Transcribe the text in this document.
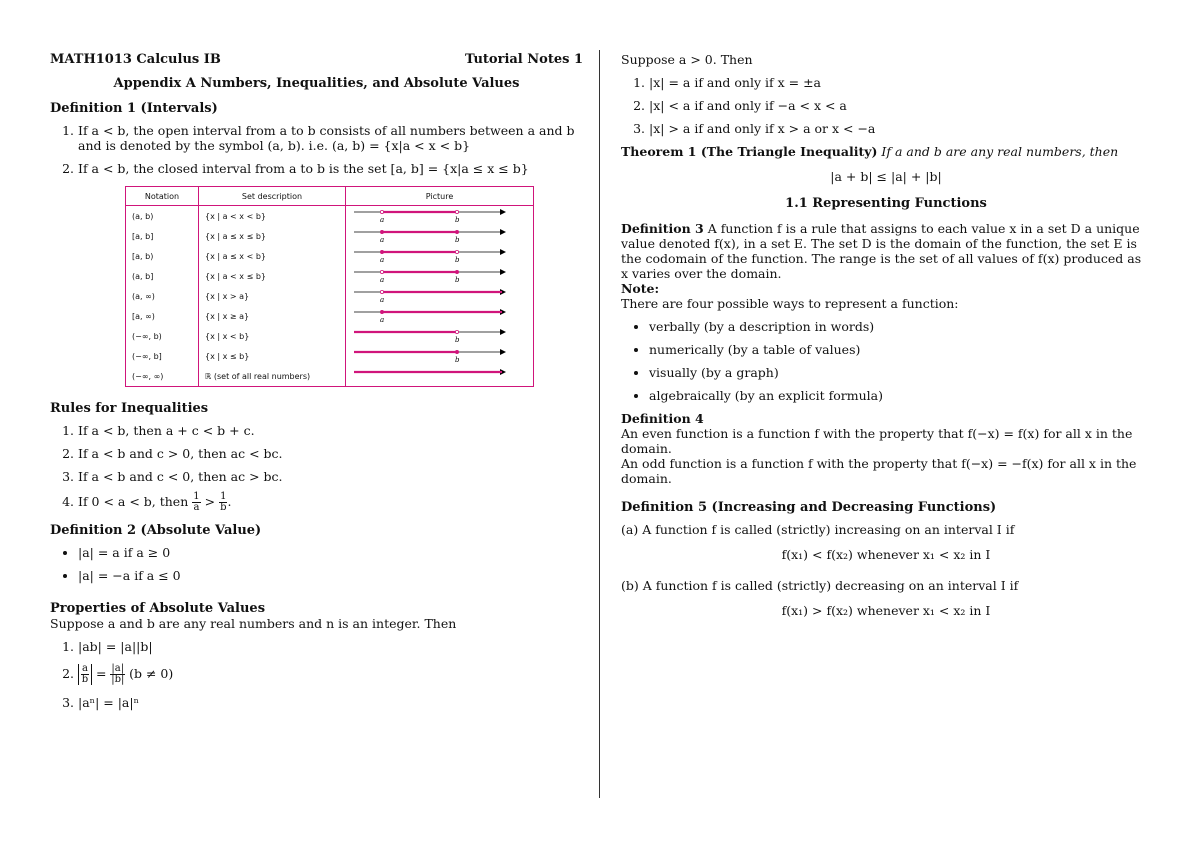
MATH1013 Calculus IB	Tutorial Notes 1
Appendix A Numbers, Inequalities, and Absolute Values
Definition 1 (Intervals)
1. If a < b, the open interval from a to b consists of all numbers between a and b and is denoted by the symbol (a, b). i.e. (a, b) = {x|a < x < b}
2. If a < b, the closed interval from a to b is the set [a, b] = {x|a ≤ x ≤ b}
Notation	Set description	Picture
(a, b)	{x | a < x < b}	a b

[a, b]	{x | a ≤ x ≤ b}	a b

[a, b)	{x | a ≤ x < b}	a b

(a, b]	{x | a < x ≤ b}	a b

(a, ∞)	{x | x > a}	a

[a, ∞)	{x | x ≥ a}	a

(−∞, b)	{x | x < b}	b

(−∞, b]	{x | x ≤ b}	b

(−∞, ∞)	ℝ (set of all real numbers)	
Rules for Inequalities
1. If a < b, then a + c < b + c.
2. If a < b and c > 0, then ac < bc.
3. If a < b and c < 0, then ac > bc.
4. If 0 < a < b, then $\frac{1}{a} > \frac{1}{b}$ .
Definition 2 (Absolute Value)
• |a| = a if a ≥ 0
• |a| = −a if a ≤ 0
Properties of Absolute Values

Suppose a and b are any real numbers and n is an integer. Then

1. |ab| = |a||b|
2. $\frac{a}{b} = \frac{|a|}{|b|} (b \ne 0)$
3. |aⁿ| = |a|ⁿ

Suppose a > 0. Then

1. |x| = a if and only if x = ±a
2. |x| < a if and only if −a < x < a
3. |x| > a if and only if x > a or x < −a

Theorem 1 (The Triangle Inequality) If a and b are any real numbers, then

|a + b| ≤ |a| + |b|
1.1 Representing Functions

Definition 3 A function f is a rule that assigns to each value x in a set D a unique value denoted f(x), in a set E. The set D is the domain of the function, the set E is the codomain of the function. The range is the set of all values of f(x) produced as x varies over the domain.

Note:

There are four possible ways to represent a function:

• verbally (by a description in words)
• numerically (by a table of values)
• visually (by a graph)
• algebraically (by an explicit formula)

Definition 4

An even function is a function f with the property that f(−x) = f(x) for all x in the domain.

An odd function is a function f with the property that f(−x) = −f(x) for all x in the domain.

Definition 5 (Increasing and Decreasing Functions)
(a) A function f is called (strictly) increasing on an interval I if
f(x₁) < f(x₂) whenever x₁ < x₂ in I
(b) A function f is called (strictly) decreasing on an interval I if
f(x₁) > f(x₂) whenever x₁ < x₂ in I
